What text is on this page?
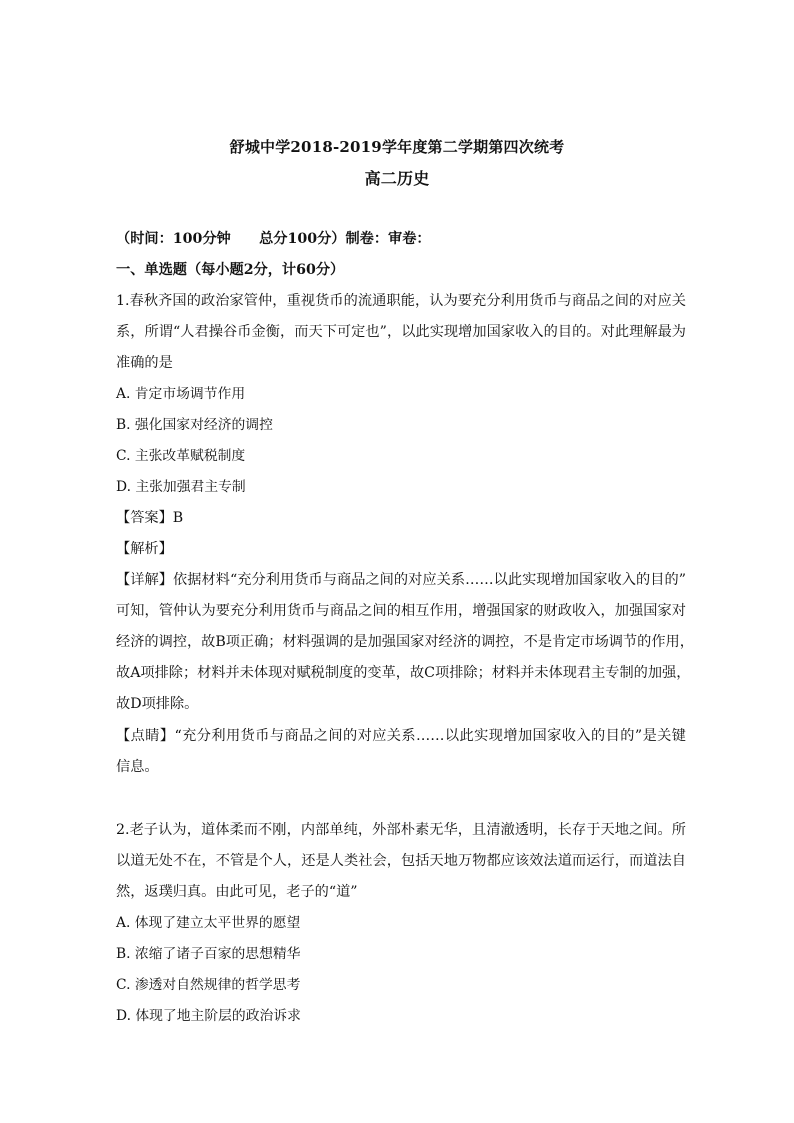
舒城中学2018-2019学年度第二学期第四次统考
高二历史
（时间：100分钟　　总分100分）制卷：审卷：
一、单选题（每小题2分，计60分）
1.春秋齐国的政治家管仲，重视货币的流通职能，认为要充分利用货币与商品之间的对应关
系，所谓“人君操谷币金衡，而天下可定也”，以此实现增加国家收入的目的。对此理解最为
准确的是
A. 肯定市场调节作用
B. 强化国家对经济的调控
C. 主张改革赋税制度
D. 主张加强君主专制
【答案】B
【解析】
【详解】依据材料“充分利用货币与商品之间的对应关系……以此实现增加国家收入的目的”
可知，管仲认为要充分利用货币与商品之间的相互作用，增强国家的财政收入，加强国家对
经济的调控，故B项正确；材料强调的是加强国家对经济的调控，不是肯定市场调节的作用，
故A项排除；材料并未体现对赋税制度的变革，故C项排除；材料并未体现君主专制的加强，
故D项排除。
【点睛】“充分利用货币与商品之间的对应关系……以此实现增加国家收入的目的”是关键
信息。
2.老子认为，道体柔而不刚，内部单纯，外部朴素无华，且清澈透明，长存于天地之间。所
以道无处不在，不管是个人，还是人类社会，包括天地万物都应该效法道而运行，而道法自
然，返璞归真。由此可见，老子的“道”
A. 体现了建立太平世界的愿望
B. 浓缩了诸子百家的思想精华
C. 渗透对自然规律的哲学思考
D. 体现了地主阶层的政治诉求
